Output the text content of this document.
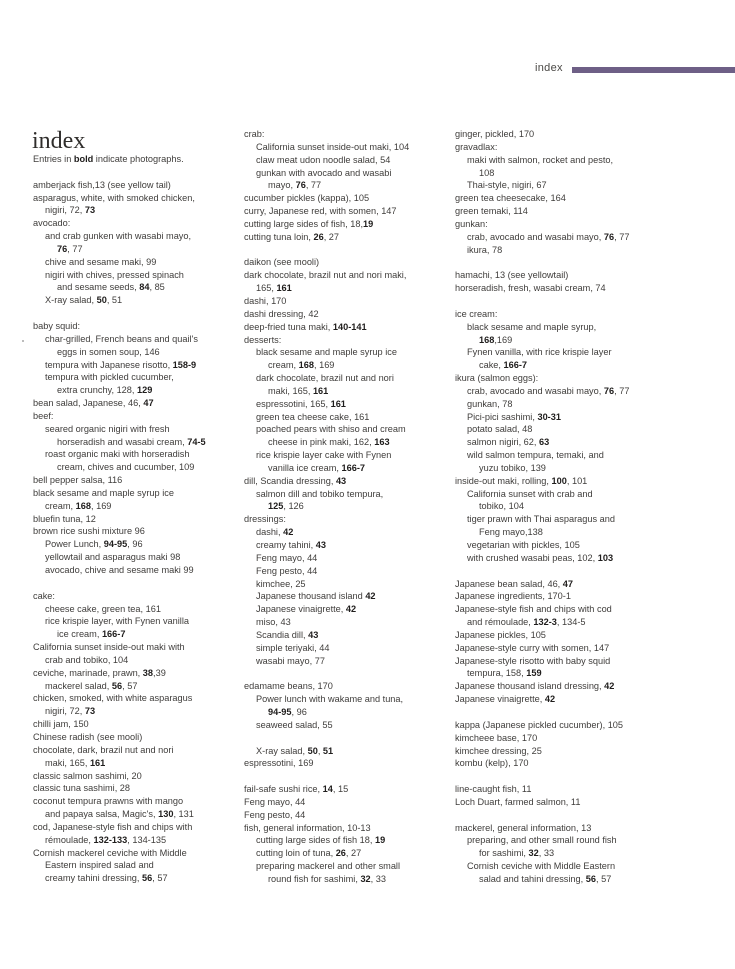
index
index

Entries in bold indicate photographs.

amberjack fish,13 (see yellow tail)
asparagus, white, with smoked chicken,
nigiri, 72, 73
avocado:
and crab gunken with wasabi mayo,
76, 77
chive and sesame maki, 99
nigiri with chives, pressed spinach
and sesame seeds, 84, 85
X-ray salad, 50, 51
baby squid:
char-grilled, French beans and quail's
eggs in somen soup, 146
tempura with Japanese risotto, 158-9
tempura with pickled cucumber,
extra crunchy, 128, 129
bean salad, Japanese, 46, 47
beef:
seared organic nigiri with fresh
horseradish and wasabi cream, 74-5
roast organic maki with horseradish
cream, chives and cucumber, 109
bell pepper salsa, 116
black sesame and maple syrup ice
cream, 168, 169
bluefin tuna, 12
brown rice sushi mixture 96
Power Lunch, 94-95, 96
yellowtail and asparagus maki 98
avocado, chive and sesame maki 99
cake:
cheese cake, green tea, 161
rice krispie layer, with Fynen vanilla
ice cream, 166-7
California sunset inside-out maki with
crab and tobiko, 104
ceviche, marinade, prawn, 38,39
mackerel salad, 56, 57
chicken, smoked, with white asparagus
nigiri, 72, 73
chilli jam, 150
Chinese radish (see mooli)
chocolate, dark, brazil nut and nori
maki, 165, 161
classic salmon sashimi, 20
classic tuna sashimi, 28
coconut tempura prawns with mango
and papaya salsa, Magic's, 130, 131
cod, Japanese-style fish and chips with
rémoulade, 132-133, 134-135
Cornish mackerel ceviche with Middle
Eastern inspired salad and
creamy tahini dressing, 56, 57
crab:
California sunset inside-out maki, 104
claw meat udon noodle salad, 54
gunkan with avocado and wasabi
mayo, 76, 77
cucumber pickles (kappa), 105
curry, Japanese red, with somen, 147
cutting large sides of fish, 18,19
cutting tuna loin, 26, 27
daikon (see mooli)
dark chocolate, brazil nut and nori maki,
165, 161
dashi, 170
dashi dressing, 42
deep-fried tuna maki, 140-141
desserts:
black sesame and maple syrup ice
cream, 168, 169
dark chocolate, brazil nut and nori
maki, 165, 161
espressotini, 165, 161
green tea cheese cake, 161
poached pears with shiso and cream
cheese in pink maki, 162, 163
rice krispie layer cake with Fynen
vanilla ice cream, 166-7
dill, Scandia dressing, 43
salmon dill and tobiko tempura,
125, 126
dressings:
dashi, 42
creamy tahini, 43
Feng mayo, 44
Feng pesto, 44
kimchee, 25
Japanese thousand island 42
Japanese vinaigrette, 42
miso, 43
Scandia dill, 43
simple teriyaki, 44
wasabi mayo, 77
edamame beans, 170
Power lunch with wakame and tuna,
94-95, 96
seaweed salad, 55
X-ray salad, 50, 51
espressotini, 169
fail-safe sushi rice, 14, 15
Feng mayo, 44
Feng pesto, 44
fish, general information, 10-13
cutting large sides of fish 18, 19
cutting loin of tuna, 26, 27
preparing mackerel and other small
round fish for sashimi, 32, 33
ginger, pickled, 170
gravadlax:
maki with salmon, rocket and pesto,
108
Thai-style, nigiri, 67
green tea cheesecake, 164
green temaki, 114
gunkan:
crab, avocado and wasabi mayo, 76, 77
ikura, 78
hamachi, 13 (see yellowtail)
horseradish, fresh, wasabi cream, 74
ice cream:
black sesame and maple syrup,
168,169
Fynen vanilla, with rice krispie layer
cake, 166-7
ikura (salmon eggs):
crab, avocado and wasabi mayo, 76, 77
gunkan, 78
Pici-pici sashimi, 30-31
potato salad, 48
salmon nigiri, 62, 63
wild salmon tempura, temaki, and
yuzu tobiko, 139
inside-out maki, rolling, 100, 101
California sunset with crab and
tobiko, 104
tiger prawn with Thai asparagus and
Feng mayo,138
vegetarian with pickles, 105
with crushed wasabi peas, 102, 103
Japanese bean salad, 46, 47
Japanese ingredients, 170-1
Japanese-style fish and chips with cod
and rémoulade, 132-3, 134-5
Japanese pickles, 105
Japanese-style curry with somen, 147
Japanese-style risotto with baby squid
tempura, 158, 159
Japanese thousand island dressing, 42
Japanese vinaigrette, 42
kappa (Japanese pickled cucumber), 105
kimcheee base, 170
kimchee dressing, 25
kombu (kelp), 170
line-caught fish, 11
Loch Duart, farmed salmon, 11
mackerel, general information, 13
preparing, and other small round fish
for sashimi, 32, 33
Cornish ceviche with Middle Eastern
salad and tahini dressing, 56, 57
